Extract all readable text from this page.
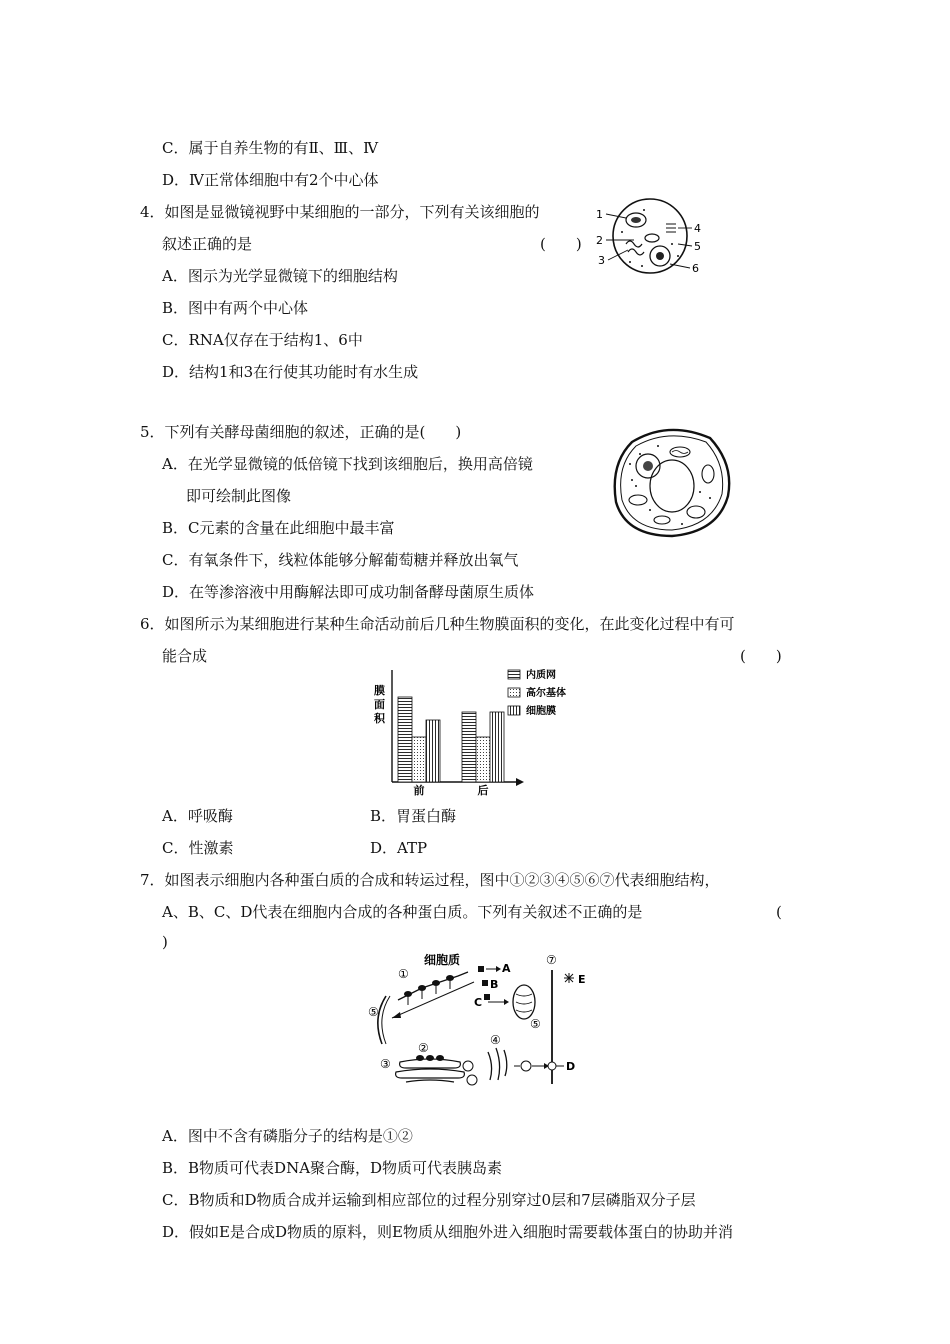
C．属于自养生物的有Ⅱ、Ⅲ、Ⅳ
D．Ⅳ正常体细胞中有2个中心体
4．如图是显微镜视野中某细胞的一部分，下列有关该细胞的
叙述正确的是	(　　)
A．图示为光学显微镜下的细胞结构
B．图中有两个中心体
C．RNA仅存在于结构1、6中
D．结构1和3在行使其功能时有水生成
1
2
3
4
5
6
5．下列有关酵母菌细胞的叙述，正确的是(　　)
A．在光学显微镜的低倍镜下找到该细胞后，换用高倍镜
即可绘制此图像
B．C元素的含量在此细胞中最丰富
C．有氧条件下，线粒体能够分解葡萄糖并释放出氧气
D．在等渗溶液中用酶解法即可成功制备酵母菌原生质体
6．如图所示为某细胞进行某种生命活动前后几种生物膜面积的变化，在此变化过程中有可
能合成	(　　)
膜面积
前	后
内质网
高尔基体
细胞膜
A．呼吸酶	B．胃蛋白酶
C．性激素	D．ATP
7．如图表示细胞内各种蛋白质的合成和转运过程，图中①②③④⑤⑥⑦代表细胞结构，
A、B、C、D代表在细胞内合成的各种蛋白质。下列有关叙述不正确的是	(
)
细胞质	⑦
①
⑤
A
B
C
⑤
E
②
③
④
D
A．图中不含有磷脂分子的结构是①②
B．B物质可代表DNA聚合酶，D物质可代表胰岛素
C．B物质和D物质合成并运输到相应部位的过程分别穿过0层和7层磷脂双分子层
D．假如E是合成D物质的原料，则E物质从细胞外进入细胞时需要载体蛋白的协助并消
